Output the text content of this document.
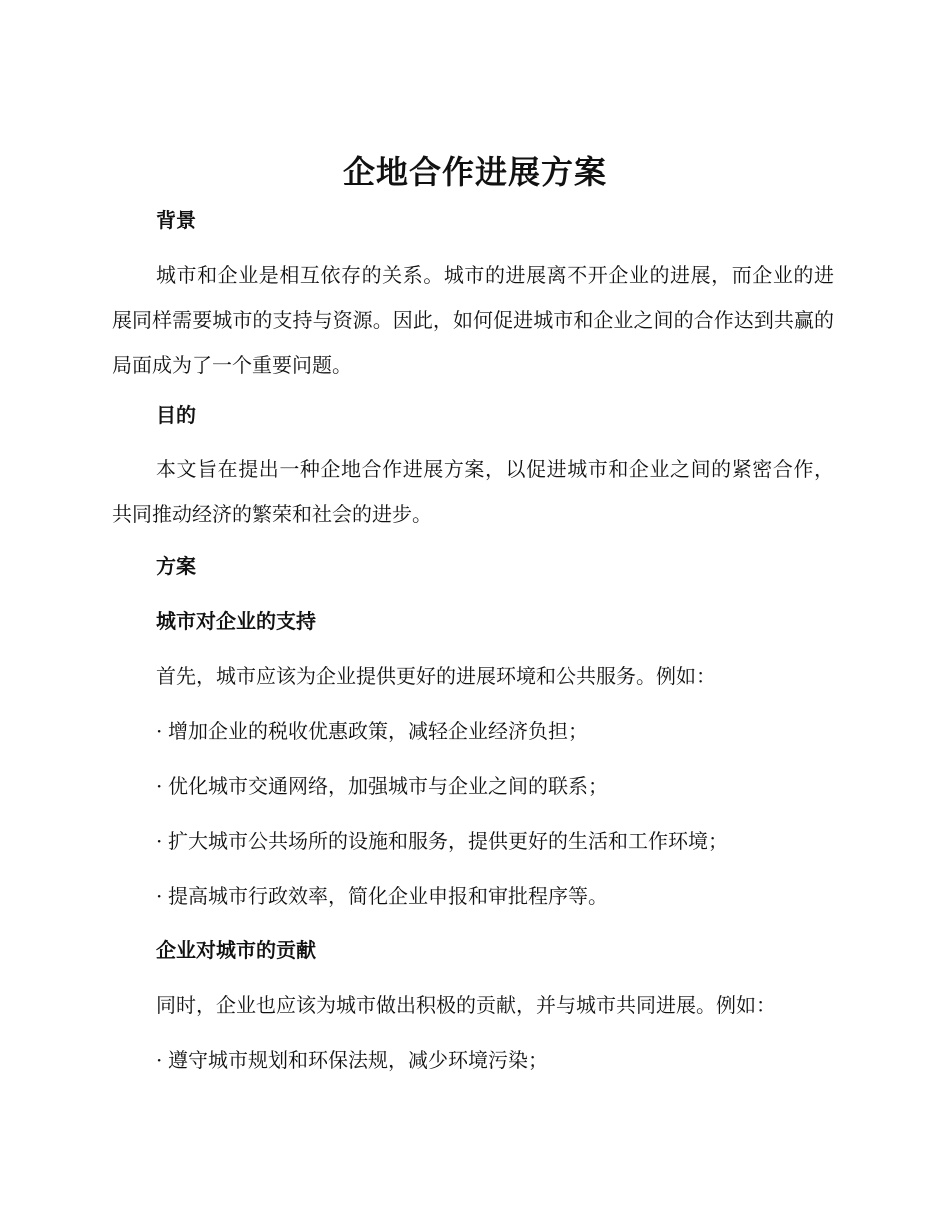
企地合作进展方案
背景
城市和企业是相互依存的关系。城市的进展离不开企业的进展，而企业的进展同样需要城市的支持与资源。因此，如何促进城市和企业之间的合作达到共赢的局面成为了一个重要问题。
目的
本文旨在提出一种企地合作进展方案，以促进城市和企业之间的紧密合作，共同推动经济的繁荣和社会的进步。
方案
城市对企业的支持
首先，城市应该为企业提供更好的进展环境和公共服务。例如：
· 增加企业的税收优惠政策，减轻企业经济负担；
· 优化城市交通网络，加强城市与企业之间的联系；
· 扩大城市公共场所的设施和服务，提供更好的生活和工作环境；
· 提高城市行政效率，简化企业申报和审批程序等。
企业对城市的贡献
同时，企业也应该为城市做出积极的贡献，并与城市共同进展。例如：
· 遵守城市规划和环保法规，减少环境污染；
